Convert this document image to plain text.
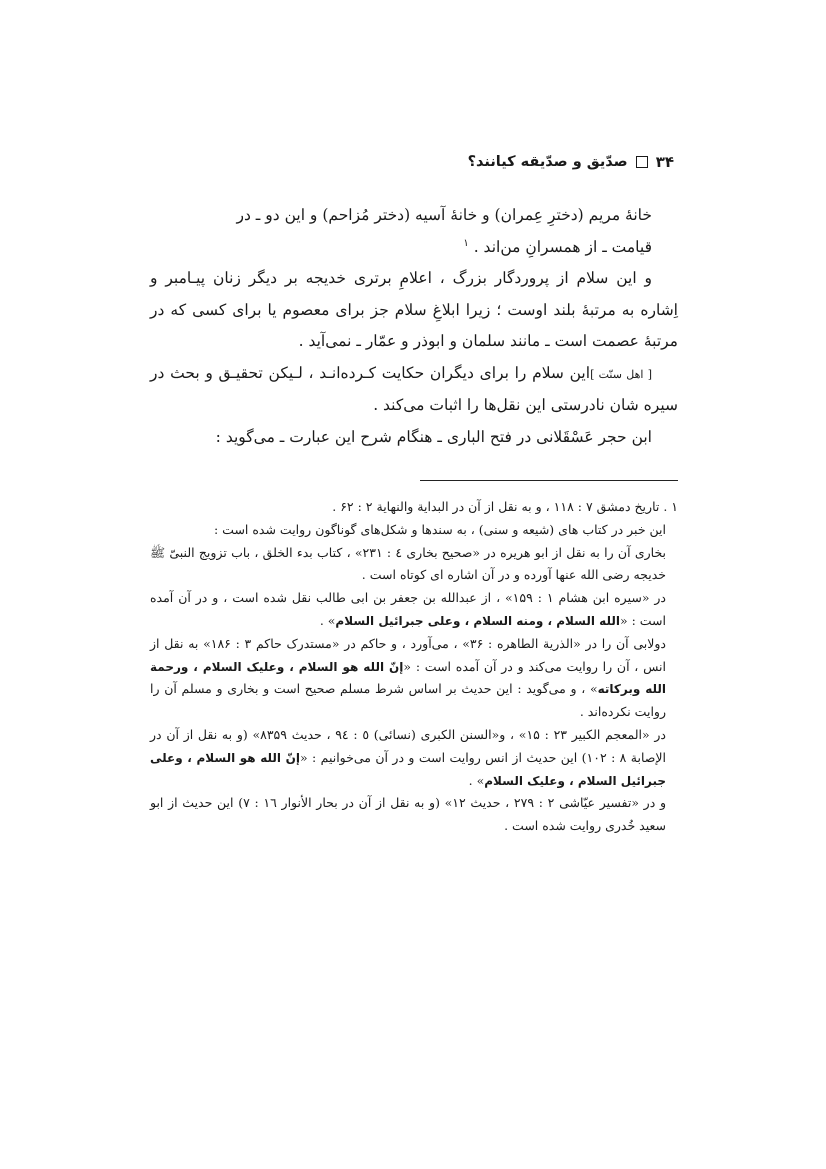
۳۴
صدّیق و صدّیقه کیانند؟

خانهٔ مریم (دخترِ عِمران) و خانهٔ آسیه (دختر مُزاحم) و این دو ـ در

قیامت ـ از همسرانِ من‌اند . $^۱$

و این سلام از پروردگار بزرگ ، اعلامِ برتری خدیجه بر دیگر زنان پیـامبر و اِشاره به مرتبهٔ بلند اوست ؛ زیرا ابلاغِ سلام جز برای معصوم یا برای کسی که در مرتبهٔ عصمت است ـ مانند سلمان و ابوذر و عمّار ـ نمی‌آید .

[ اهل سنّت ]این سلام را برای دیگران حکایت کـرده‌انـد ، لـیکن تحقیـق و بحث در سیره شان نادرستی این نقل‌ها را اثبات می‌کند .

ابن حجر عَسْقَلانی در فتح الباری ـ هنگام شرح این عبارت ـ می‌گوید :

۱ . تاریخ دمشق ۷ : ۱۱۸ ، و به نقل از آن در البدایة والنهایة ۲ : ۶۲ .

این خبر در کتاب های (شیعه و سنی) ، به سندها و شکل‌های گوناگون روایت شده است :

بخاری آن را به نقل از ابو هریره در «صحیح بخاری ٤ : ۲۳۱» ، کتاب بدء الخلق ، باب تزویج النبیّ ﷺ خدیجه رضی الله عنها آورده و در آن اشاره ای کوتاه است .

در «سیره ابن هشام ۱ : ۱۵۹» ، از عبدالله بن جعفر بن ابی طالب نقل شده است ، و در آن آمده است : «الله السلام ، ومنه السلام ، وعلی جبرائیل السلام» .

دولابی آن را در «الذریة الطاهره : ۳۶» ، می‌آورد ، و حاکم در «مستدرک حاکم ۳ : ۱۸۶» به نقل از انس ، آن را روایت می‌کند و در آن آمده است : «إنّ الله هو السلام ، وعلیک السلام ، ورحمة الله وبرکاته» ، و می‌گوید : این حدیث بر اساس شرط مسلم صحیح است و بخاری و مسلم آن را روایت نکرده‌اند .

در «المعجم الکبیر ۲۳ : ۱۵» ، و«السنن الکبری (نسائی) ٥ : ۹٤ ، حدیث ۸۳۵۹» (و به نقل از آن در الإصابة ۸ : ۱۰۲) این حدیث از انس روایت است و در آن می‌خوانیم : «إنّ الله هو السلام ، وعلی جبرائیل السلام ، وعلیک السلام» .

و در «تفسیر عیّاشی ۲ : ۲۷۹ ، حدیث ۱۲» (و به نقل از آن در بحار الأنوار ۱٦ : ۷) این حدیث از ابو سعید خُدری روایت شده است .
